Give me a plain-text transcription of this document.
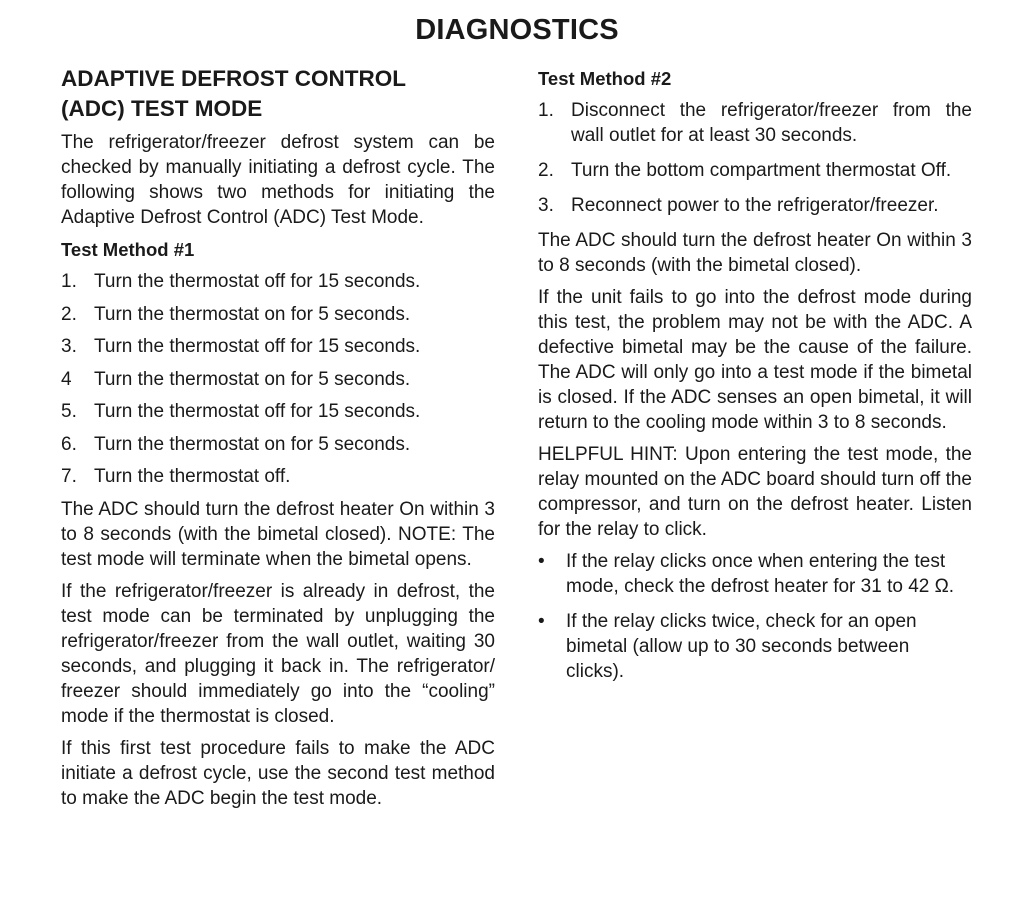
DIAGNOSTICS
ADAPTIVE DEFROST CONTROL
(ADC) TEST MODE
The refrigerator/freezer defrost system can be checked by manually initiating a defrost cycle. The following shows two methods for initiating the Adaptive Defrost Control (ADC) Test Mode.
Test Method #1
1. Turn the thermostat off for 15 seconds.
2. Turn the thermostat on for 5 seconds.
3. Turn the thermostat off for 15 seconds.
4	Turn the thermostat on for 5 seconds.
5. Turn the thermostat off for 15 seconds.
6. Turn the thermostat on for 5 seconds.
7. Turn the thermostat off.
The ADC should turn the defrost heater On within 3 to 8 seconds (with the bimetal closed). NOTE: The test mode will terminate when the bimetal opens.
If the refrigerator/freezer is already in defrost, the test mode can be terminated by unplugging the refrigerator/freezer from the wall outlet, waiting 30 seconds, and plugging it back in. The refrigerator/ freezer should immediately go into the “cooling” mode if the thermostat is closed.
If this first test procedure fails to make the ADC initiate a defrost cycle, use the second test method to make the ADC begin the test mode.
Test Method #2
1. Disconnect the refrigerator/freezer from the wall outlet for at least 30 seconds.
2. Turn the bottom compartment thermostat Off.
3. Reconnect power to the refrigerator/freezer.
The ADC should turn the defrost heater On within 3 to 8 seconds (with the bimetal closed).
If the unit fails to go into the defrost mode during this test, the problem may not be with the ADC. A defective bimetal may be the cause of the failure. The ADC will only go into a test mode if the bimetal is closed. If the ADC senses an open bimetal, it will return to the cooling mode within 3 to 8 seconds.
HELPFUL HINT: Upon entering the test mode, the relay mounted on the ADC board should turn off the compressor, and turn on the defrost heater. Listen for the relay to click.
•	If the relay clicks once when entering the test mode, check the defrost heater for 31 to 42 Ω.
•	If the relay clicks twice, check for an open bimetal (allow up to 30 seconds between clicks).
